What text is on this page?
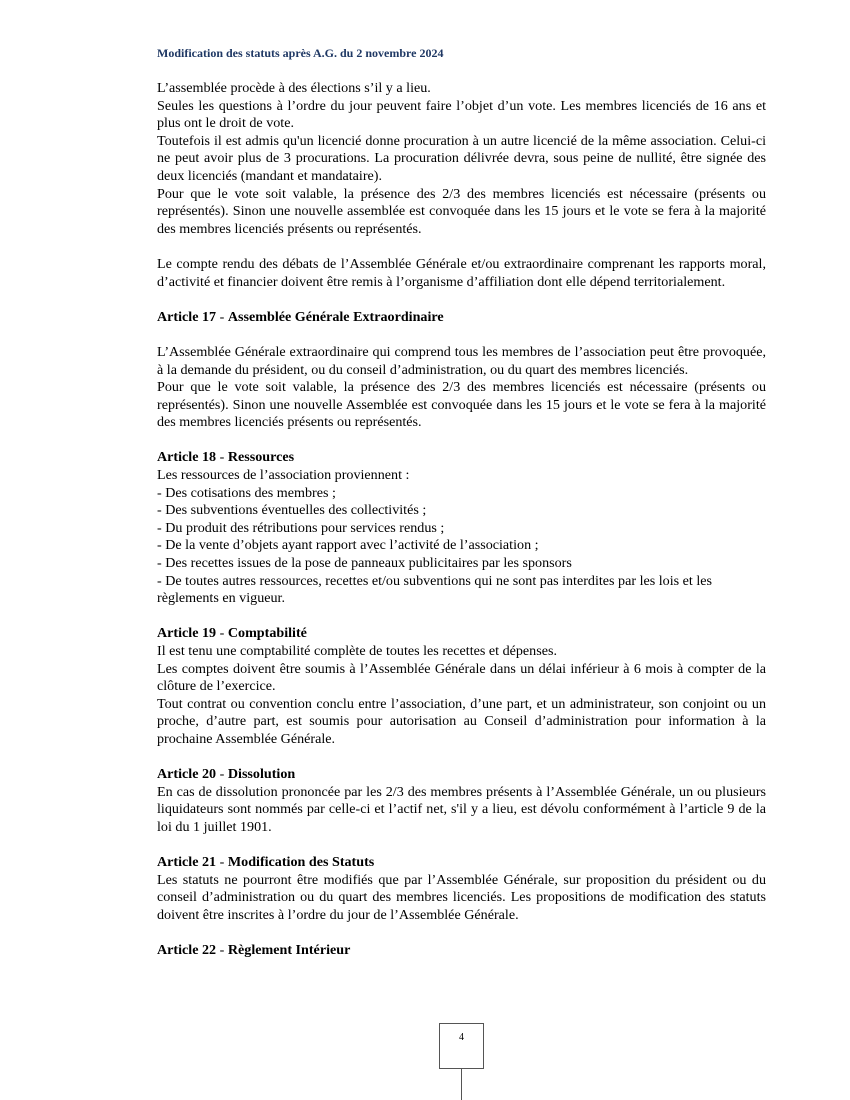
Modification des statuts après A.G. du 2 novembre 2024

L’assemblée procède à des élections s’il y a lieu.

Seules les questions à l’ordre du jour peuvent faire l’objet d’un vote. Les membres licenciés de 16 ans et plus ont le droit de vote.

Toutefois il est admis qu'un licencié donne procuration à un autre licencié de la même association. Celui-ci ne peut avoir plus de 3 procurations. La procuration délivrée devra, sous peine de nullité, être signée des deux licenciés (mandant et mandataire).

Pour que le vote soit valable, la présence des 2/3 des membres licenciés est nécessaire (présents ou représentés). Sinon une nouvelle assemblée est convoquée dans les 15 jours et le vote se fera à la majorité des membres licenciés présents ou représentés.

Le compte rendu des débats de l’Assemblée Générale et/ou extraordinaire comprenant les rapports moral, d’activité et financier doivent être remis à l’organisme d’affiliation dont elle dépend territorialement.

Article 17 - Assemblée Générale Extraordinaire

L’Assemblée Générale extraordinaire qui comprend tous les membres de l’association peut être provoquée, à la demande du président, ou du conseil d’administration, ou du quart des membres licenciés.

Pour que le vote soit valable, la présence des 2/3 des membres licenciés est nécessaire (présents ou représentés). Sinon une nouvelle Assemblée est convoquée dans les 15 jours et le vote se fera à la majorité des membres licenciés présents ou représentés.

Article 18 - Ressources

Les ressources de l’association proviennent :

- Des cotisations des membres ;

- Des subventions éventuelles des collectivités ;

- Du produit des rétributions pour services rendus ;

- De la vente d’objets ayant rapport avec l’activité de l’association ;

- Des recettes issues de la pose de panneaux publicitaires par les sponsors

- De toutes autres ressources, recettes et/ou subventions qui ne sont pas interdites par les lois et les règlements en vigueur.

Article 19 - Comptabilité

Il est tenu une comptabilité complète de toutes les recettes et dépenses.

Les comptes doivent être soumis à l’Assemblée Générale dans un délai inférieur à 6 mois à compter de la clôture de l’exercice.

Tout contrat ou convention conclu entre l’association, d’une part, et un administrateur, son conjoint ou un proche, d’autre part, est soumis pour autorisation au Conseil d’administration pour information à la prochaine Assemblée Générale.

Article 20 - Dissolution

En cas de dissolution prononcée par les 2/3 des membres présents à l’Assemblée Générale, un ou plusieurs liquidateurs sont nommés par celle-ci et l’actif net, s'il y a lieu, est dévolu conformément à l’article 9 de la loi du 1 juillet 1901.

Article 21 - Modification des Statuts

Les statuts ne pourront être modifiés que par l’Assemblée Générale, sur proposition du président ou du conseil d’administration ou du quart des membres licenciés. Les propositions de modification des statuts doivent être inscrites à l’ordre du jour de l’Assemblée Générale.

Article 22 - Règlement Intérieur

4
